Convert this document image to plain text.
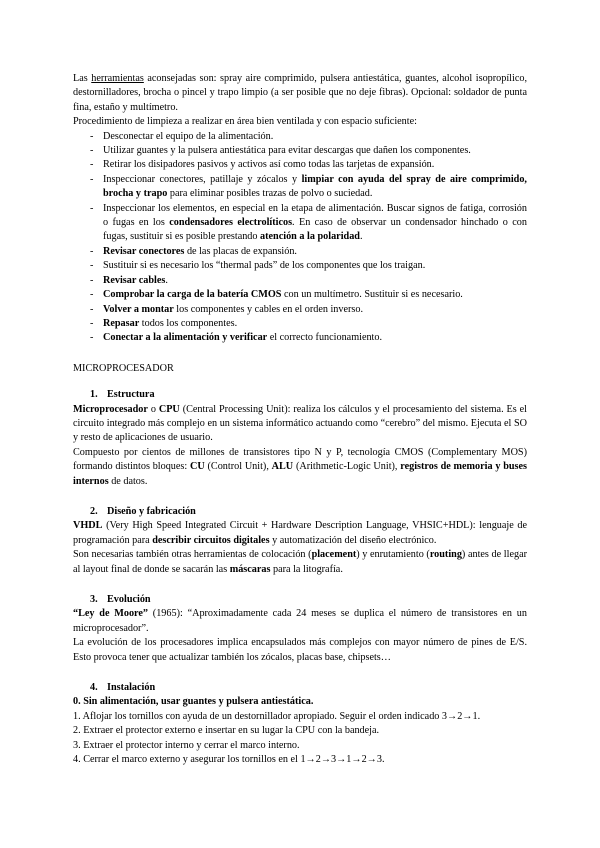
Las herramientas aconsejadas son: spray aire comprimido, pulsera antiestática, guantes, alcohol isopropílico, destornilladores, brocha o pincel y trapo limpio (a ser posible que no deje fibras). Opcional: soldador de punta fina, estaño y multímetro.

Procedimiento de limpieza a realizar en área bien ventilada y con espacio suficiente:

- Desconectar el equipo de la alimentación.
- Utilizar guantes y la pulsera antiestática para evitar descargas que dañen los componentes.
- Retirar los disipadores pasivos y activos así como todas las tarjetas de expansión.
- Inspeccionar conectores, patillaje y zócalos y limpiar con ayuda del spray de aire comprimido, brocha y trapo para eliminar posibles trazas de polvo o suciedad.
- Inspeccionar los elementos, en especial en la etapa de alimentación. Buscar signos de fatiga, corrosión o fugas en los condensadores electrolíticos. En caso de observar un condensador hinchado o con fugas, sustituir si es posible prestando atención a la polaridad.
- Revisar conectores de las placas de expansión.
- Sustituir si es necesario los “thermal pads” de los componentes que los traigan.
- Revisar cables.
- Comprobar la carga de la batería CMOS con un multímetro. Sustituir si es necesario.
- Volver a montar los componentes y cables en el orden inverso.
- Repasar todos los componentes.
- Conectar a la alimentación y verificar el correcto funcionamiento.

MICROPROCESADOR

1. Estructura

Microprocesador o CPU (Central Processing Unit): realiza los cálculos y el procesamiento del sistema. Es el circuito integrado más complejo en un sistema informático actuando como “cerebro” del mismo. Ejecuta el SO y resto de aplicaciones de usuario.

Compuesto por cientos de millones de transistores tipo N y P, tecnología CMOS (Complementary MOS) formando distintos bloques: CU (Control Unit), ALU (Arithmetic-Logic Unit), registros de memoria y buses internos de datos.

2. Diseño y fabricación

VHDL (Very High Speed Integrated Circuit + Hardware Description Language, VHSIC+HDL): lenguaje de programación para describir circuitos digitales y automatización del diseño electrónico.

Son necesarias también otras herramientas de colocación (placement) y enrutamiento (routing) antes de llegar al layout final de donde se sacarán las máscaras para la litografía.

3. Evolución

“Ley de Moore” (1965): “Aproximadamente cada 24 meses se duplica el número de transistores en un microprocesador”.

La evolución de los procesadores implica encapsulados más complejos con mayor número de pines de E/S. Esto provoca tener que actualizar también los zócalos, placas base, chipsets…

4. Instalación

0. Sin alimentación, usar guantes y pulsera antiestática.

1. Aflojar los tornillos con ayuda de un destornillador apropiado. Seguir el orden indicado 3→2→1.

2. Extraer el protector externo e insertar en su lugar la CPU con la bandeja.

3. Extraer el protector interno y cerrar el marco interno.

4. Cerrar el marco externo y asegurar los tornillos en el 1→2→3→1→2→3.
